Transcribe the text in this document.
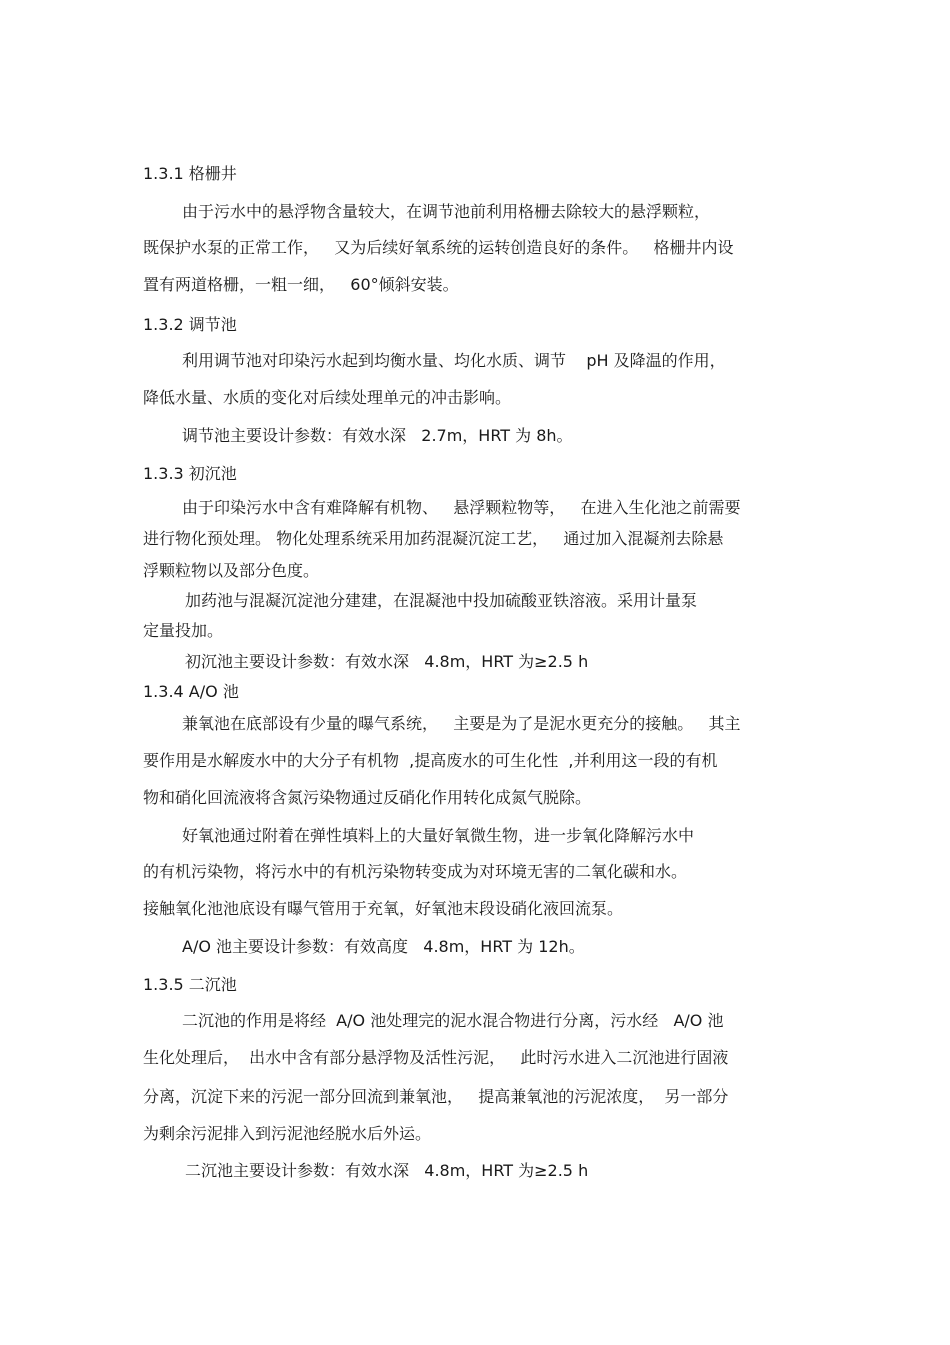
1.3.1 格栅井
由于污水中的悬浮物含量较大，在调节池前利用格栅去除较大的悬浮颗粒，
既保护水泵的正常工作，   又为后续好氧系统的运转创造良好的条件。   格栅井内设
置有两道格栅，一粗一细，   60°倾斜安装。
1.3.2 调节池
利用调节池对印染污水起到均衡水量、均化水质、调节    pH 及降温的作用，
降低水量、水质的变化对后续处理单元的冲击影响。
调节池主要设计参数：有效水深   2.7m，HRT 为 8h。
1.3.3 初沉池
由于印染污水中含有难降解有机物、   悬浮颗粒物等，   在进入生化池之前需要
进行物化预处理。 物化处理系统采用加药混凝沉淀工艺，   通过加入混凝剂去除悬
浮颗粒物以及部分色度。
加药池与混凝沉淀池分建建，在混凝池中投加硫酸亚铁溶液。采用计量泵
定量投加。
初沉池主要设计参数：有效水深   4.8m，HRT 为≥2.5 h
1.3.4 A/O 池
兼氧池在底部设有少量的曝气系统，   主要是为了是泥水更充分的接触。   其主
要作用是水解废水中的大分子有机物  ,提高废水的可生化性  ,并利用这一段的有机
物和硝化回流液将含氮污染物通过反硝化作用转化成氮气脱除。
好氧池通过附着在弹性填料上的大量好氧微生物，进一步氧化降解污水中
的有机污染物，将污水中的有机污染物转变成为对环境无害的二氧化碳和水。
接触氧化池池底设有曝气管用于充氧，好氧池末段设硝化液回流泵。
A/O 池主要设计参数：有效高度   4.8m，HRT 为 12h。
1.3.5 二沉池
二沉池的作用是将经  A/O 池处理完的泥水混合物进行分离，污水经   A/O 池
生化处理后，  出水中含有部分悬浮物及活性污泥，   此时污水进入二沉池进行固液
分离，沉淀下来的污泥一部分回流到兼氧池，   提高兼氧池的污泥浓度，  另一部分
为剩余污泥排入到污泥池经脱水后外运。
二沉池主要设计参数：有效水深   4.8m，HRT 为≥2.5 h
